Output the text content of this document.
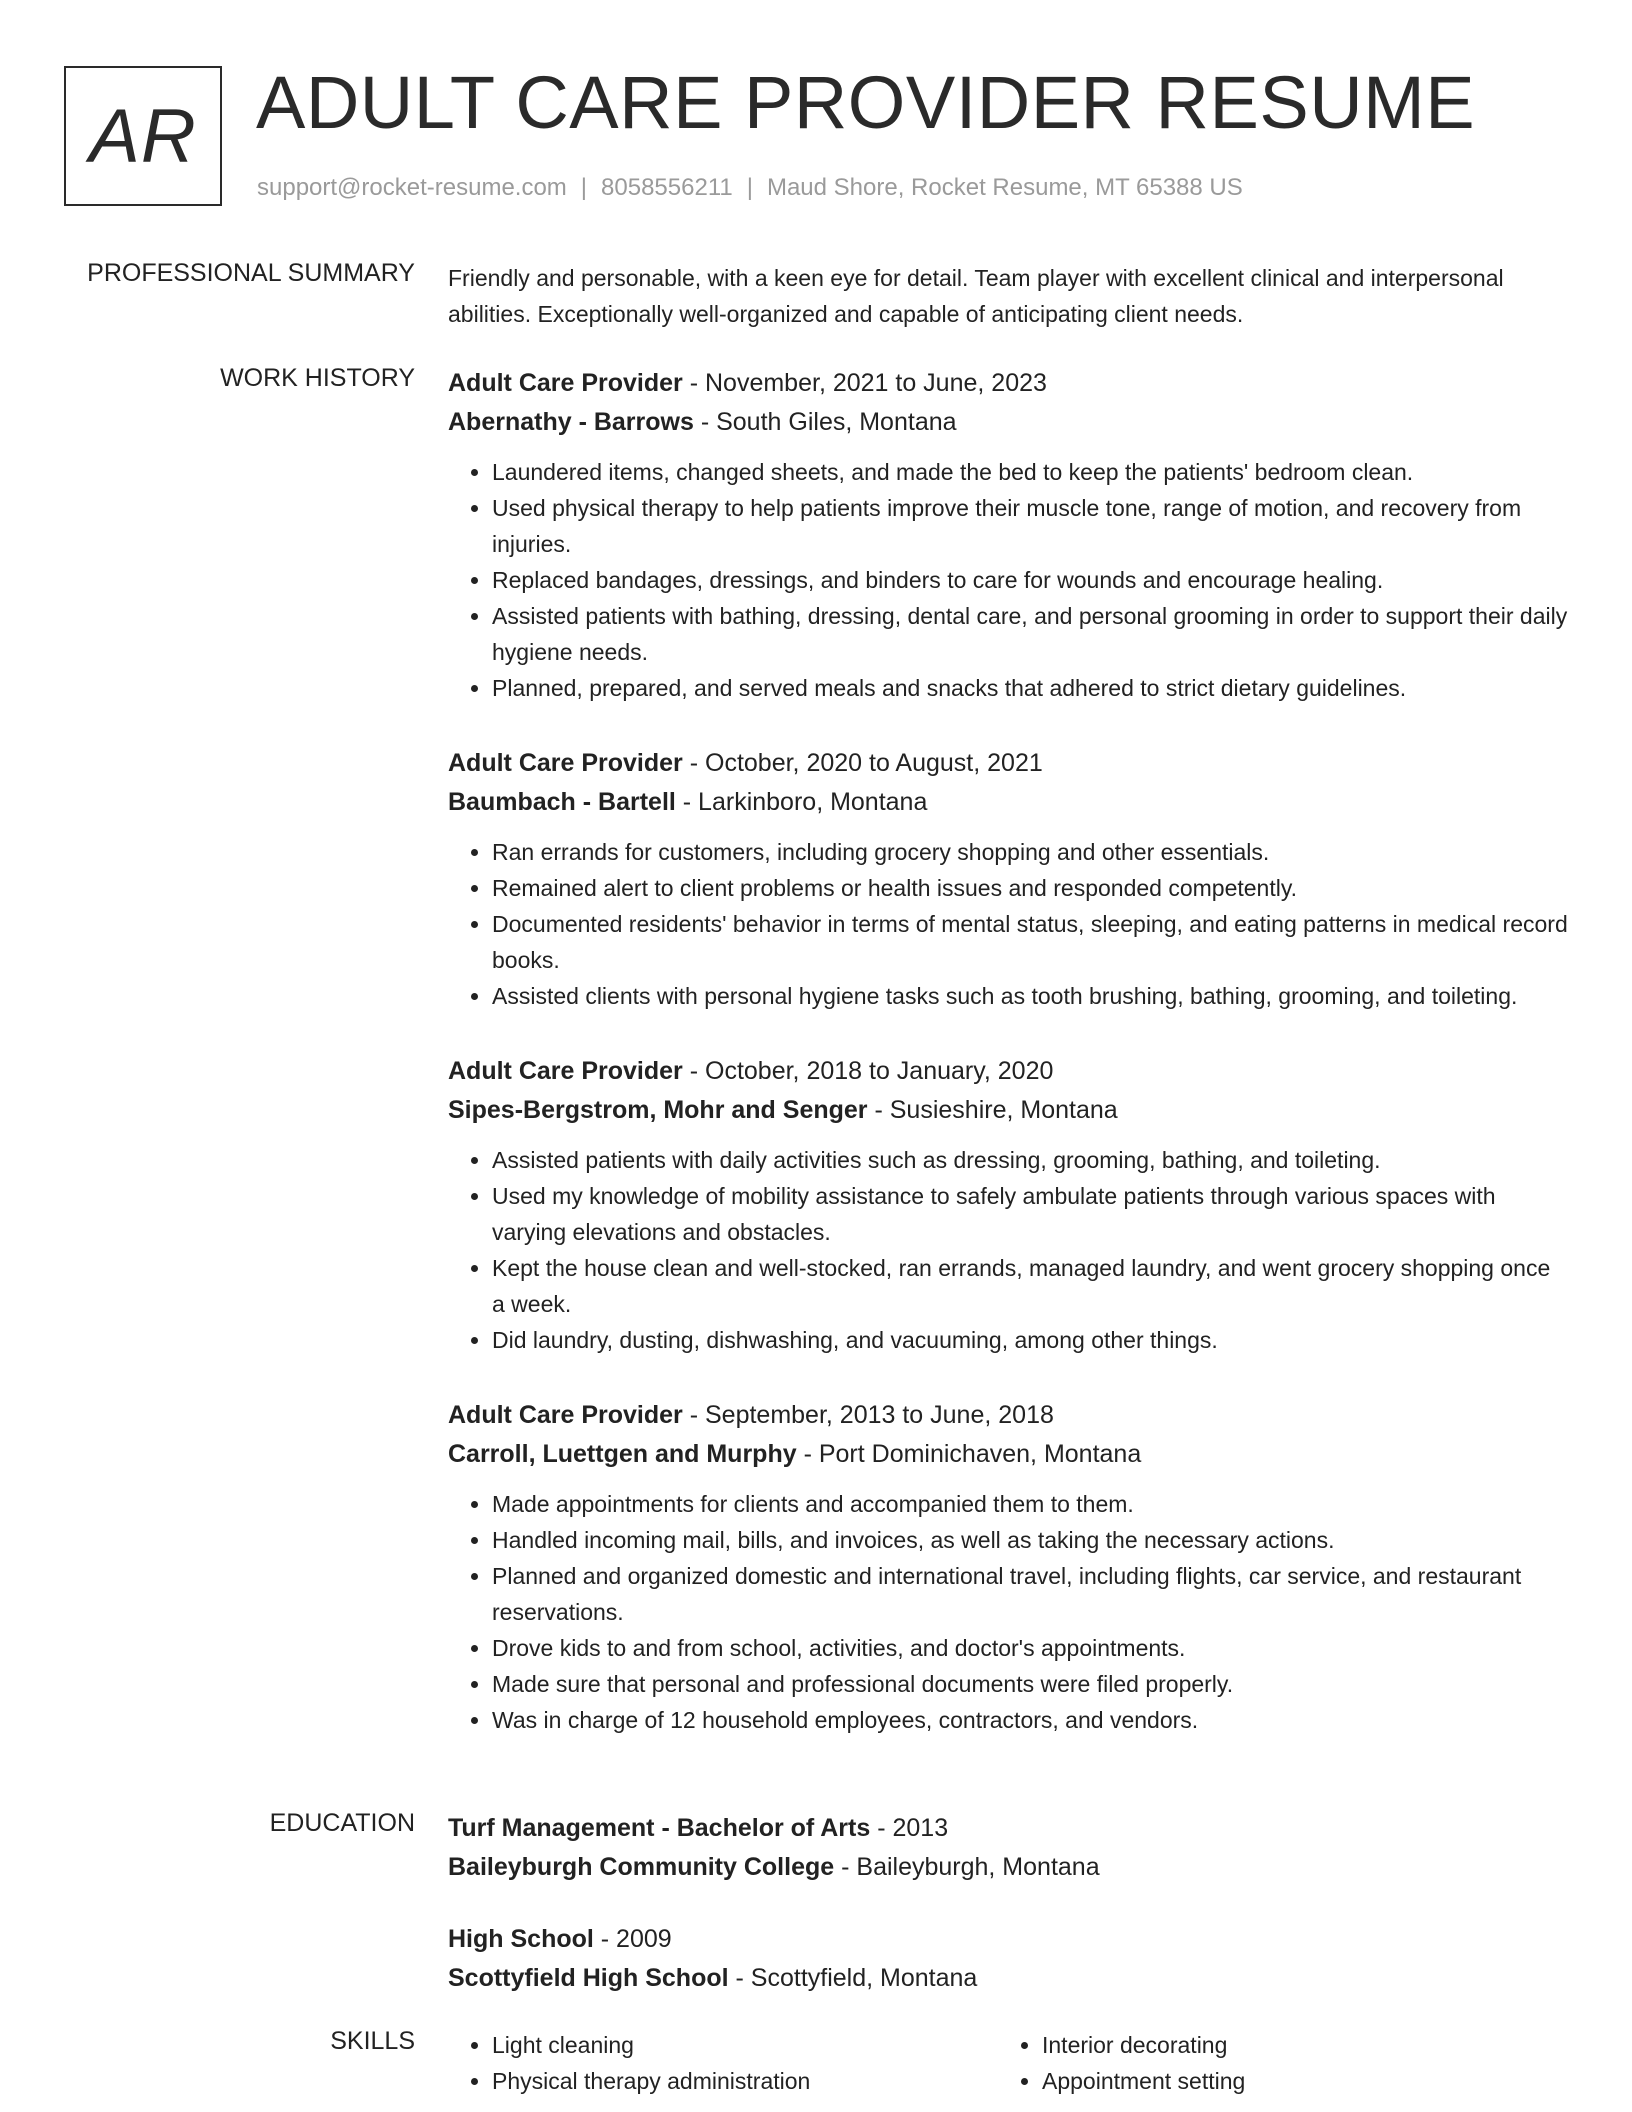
AR ADULT CARE PROVIDER RESUME
support@rocket-resume.com | 8058556211 | Maud Shore, Rocket Resume, MT 65388 US
PROFESSIONAL SUMMARY Friendly and personable, with a keen eye for detail. Team player with excellent clinical and interpersonal abilities. Exceptionally well-organized and capable of anticipating client needs.

WORK HISTORY Adult Care Provider - November, 2021 to June, 2023
Abernathy - Barrows - South Giles, Montana
• Laundered items, changed sheets, and made the bed to keep the patients' bedroom clean.
• Used physical therapy to help patients improve their muscle tone, range of motion, and recovery from injuries.
• Replaced bandages, dressings, and binders to care for wounds and encourage healing.
• Assisted patients with bathing, dressing, dental care, and personal grooming in order to support their daily hygiene needs.
• Planned, prepared, and served meals and snacks that adhered to strict dietary guidelines.
Adult Care Provider - October, 2020 to August, 2021
Baumbach - Bartell - Larkinboro, Montana
• Ran errands for customers, including grocery shopping and other essentials.
• Remained alert to client problems or health issues and responded competently.
• Documented residents' behavior in terms of mental status, sleeping, and eating patterns in medical record books.
• Assisted clients with personal hygiene tasks such as tooth brushing, bathing, grooming, and toileting.
Adult Care Provider - October, 2018 to January, 2020
Sipes-Bergstrom, Mohr and Senger - Susieshire, Montana
• Assisted patients with daily activities such as dressing, grooming, bathing, and toileting.
• Used my knowledge of mobility assistance to safely ambulate patients through various spaces with varying elevations and obstacles.
• Kept the house clean and well-stocked, ran errands, managed laundry, and went grocery shopping once a week.
• Did laundry, dusting, dishwashing, and vacuuming, among other things.
Adult Care Provider - September, 2013 to June, 2018
Carroll, Luettgen and Murphy - Port Dominichaven, Montana
• Made appointments for clients and accompanied them to them.
• Handled incoming mail, bills, and invoices, as well as taking the necessary actions.
• Planned and organized domestic and international travel, including flights, car service, and restaurant reservations.
• Drove kids to and from school, activities, and doctor's appointments.
• Made sure that personal and professional documents were filed properly.
• Was in charge of 12 household employees, contractors, and vendors.
EDUCATION Turf Management - Bachelor of Arts - 2013
Baileyburgh Community College - Baileyburgh, Montana
High School - 2009
Scottyfield High School - Scottyfield, Montana
SKILLS
•	Light cleaning
• Physical therapy administration
• Interior decorating
• Appointment setting
